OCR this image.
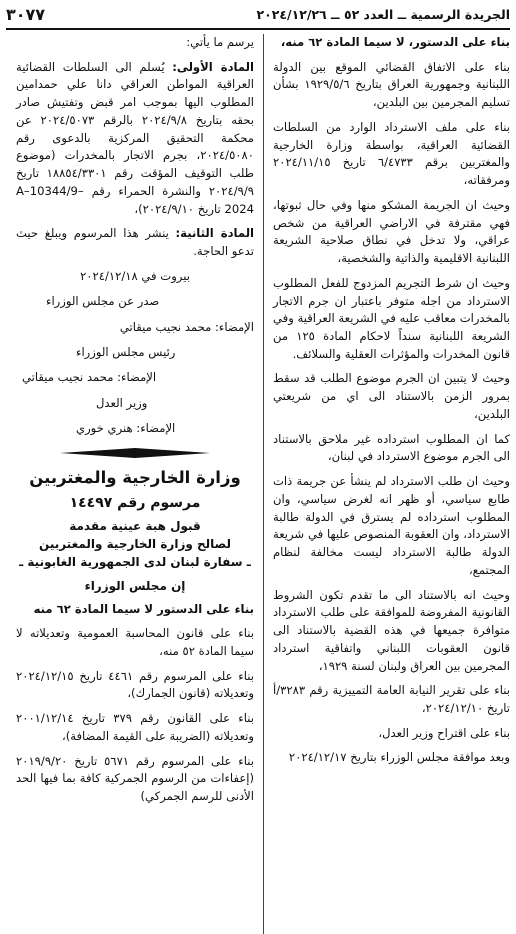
الجريدة الرسمية ــ العدد ٥٢ ــ ٢٠٢٤/١٢/٢٦
٣٠٧٧

بناء على الدستور، لا سيما المادة ٦٢ منه،

بناء على الاتفاق القضائي الموقع بين الدولة اللبنانية وجمهورية العراق بتاريخ ١٩٢٩/٥/٦ بشأن تسليم المجرمين بين البلدين،

بناء على ملف الاسترداد الوارد من السلطات القضائية العراقية، بواسطة وزارة الخارجية والمغتربين برقم ٦/٤٧٣٣ تاريخ ٢٠٢٤/١١/١٥ ومرفقاته،

وحيث ان الجريمة المشكو منها وفي حال ثبوتها، فهي مقترفة في الاراضي العراقية من شخص عراقي، ولا تدخل في نطاق صلاحية الشريعة اللبنانية الاقليمية والذاتية والشخصية،

وحيث ان شرط التجريم المزدوج للفعل المطلوب الاسترداد من اجله متوفر باعتبار ان جرم الاتجار بالمخدرات معاقب عليه في الشريعة العراقية وفي الشريعة اللبنانية سنداً لاحكام المادة ١٢٥ من قانون المخدرات والمؤثرات العقلية والسلائف.

وحيث لا يتبين ان الجرم موضوع الطلب قد سقط بمرور الزمن بالاستناد الى اي من شريعتي البلدين،

كما ان المطلوب استرداده غير ملاحق بالاستناد الى الجرم موضوع الاسترداد في لبنان،

وحيث ان طلب الاسترداد لم ينشأ عن جريمة ذات طابع سياسي، أو ظهر انه لغرض سياسي، وان المطلوب استرداده لم يسترق في الدولة طالبة الاسترداد، وان العقوبة المنصوص عليها في شريعة الدولة طالبة الاسترداد ليست مخالفة لنظام المجتمع،

وحيث انه بالاستناد الى ما تقدم تكون الشروط القانونية المفروضة للموافقة على طلب الاسترداد متوافرة جميعها في هذه القضية بالاستناد الى قانون العقوبات اللبناني واتفاقية استرداد المجرمين بين العراق ولبنان لسنة ١٩٢٩،

بناء على تقرير النيابة العامة التمييزية رقم ٣٢٨٣/أ تاريخ ٢٠٢٤/١٢/١٠،

بناء على اقتراح وزير العدل،

وبعد موافقة مجلس الوزراء بتاريخ ٢٠٢٤/١٢/١٧

يرسم ما يأتي:

المادة الأولى: يُسلم الى السلطات القضائية العراقية المواطن العراقي دانا علي حمدامين المطلوب اليها بموجب امر قبض وتفتيش صادر بحقه بتاريخ ٢٠٢٤/٩/٨ بالرقم ٢٠٢٤/٥٠٧٣ عن محكمة التحقيق المركزية بالدعوى رقم ٢٠٢٤/٥٠٨٠، بجرم الاتجار بالمخدرات (موضوع طلب التوقيف المؤقت رقم ١٨٨٥٤/٣٣٠١ تاريخ ٢٠٢٤/٩/٩ والنشرة الحمراء رقم A–10344/9–2024 تاريخ ٢٠٢٤/٩/١٠)،

المادة الثانية: ينشر هذا المرسوم ويبلغ حيث تدعو الحاجة.

بيروت في ٢٠٢٤/١٢/١٨
صدر عن مجلس الوزراء
الإمضاء: محمد نجيب ميقاتي
رئيس مجلس الوزراء
الإمضاء: محمد نجيب ميقاتي
وزير العدل
الإمضاء: هنري خوري
وزارة الخارجية والمغتربين
مرسوم رقم ١٤٤٩٧
قبول هبة عينية مقدمة
لصالح وزارة الخارجية والمغتربين
ـ سفارة لبنان لدى الجمهورية الغابونية ـ
إن مجلس الوزراء

بناء على الدستور لا سيما المادة ٦٢ منه

بناء على قانون المحاسبة العمومية وتعديلاته لا سيما المادة ٥٢ منه،

بناء على المرسوم رقم ٤٤٦١ تاريخ ٢٠٢٤/١٢/١٥ وتعديلاته (قانون الجمارك)،

بناء على القانون رقم ٣٧٩ تاريخ ٢٠٠١/١٢/١٤ وتعديلاته (الضريبة على القيمة المضافة)،

بناء على المرسوم رقم ٥٦٧١ تاريخ ٢٠١٩/٩/٢٠ (إعفاءات من الرسوم الجمركية كافة بما فيها الحد الأدنى للرسم الجمركي)
